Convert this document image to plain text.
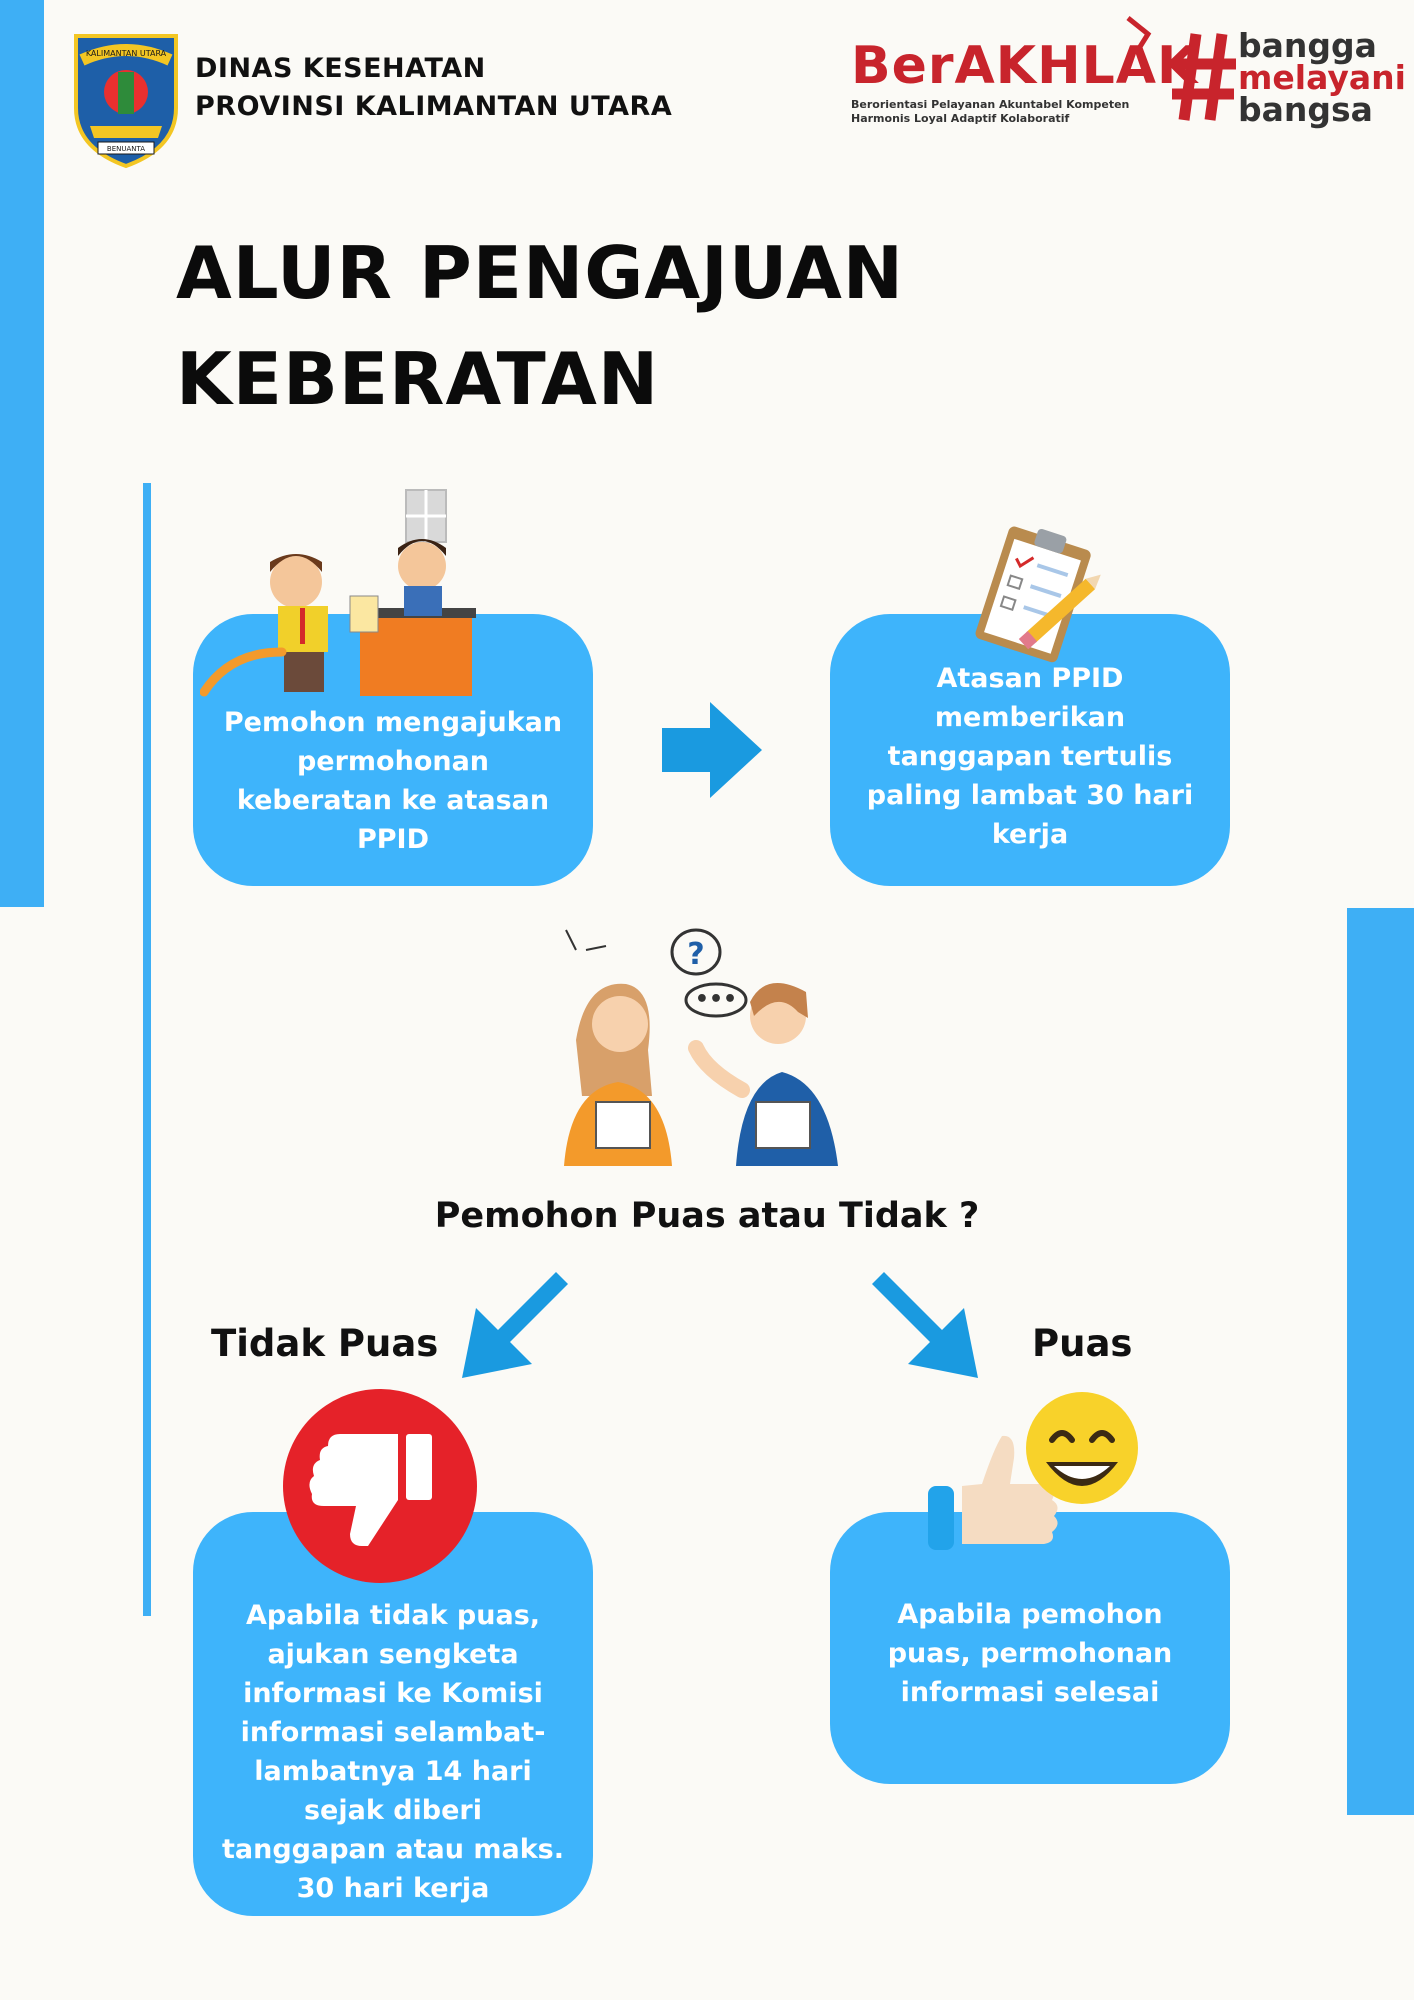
KALIMANTAN UTARA
BENUANTA
DINAS KESEHATAN
PROVINSI KALIMANTAN UTARA
BerAKHLAK
Berorientasi Pelayanan Akuntabel Kompeten
Harmonis Loyal Adaptif Kolaboratif
bangga
melayani
bangsa
ALUR PENGAJUAN
KEBERATAN
Pemohon mengajukan permohonan keberatan ke atasan PPID
Atasan PPID memberikan tanggapan tertulis paling lambat 30 hari kerja
?
•••
Pemohon Puas atau Tidak ?
Tidak Puas	Puas
Apabila tidak puas, ajukan sengketa informasi ke Komisi informasi selambat-lambatnya 14 hari sejak diberi tanggapan atau maks. 30 hari kerja
Apabila pemohon puas, permohonan informasi selesai
